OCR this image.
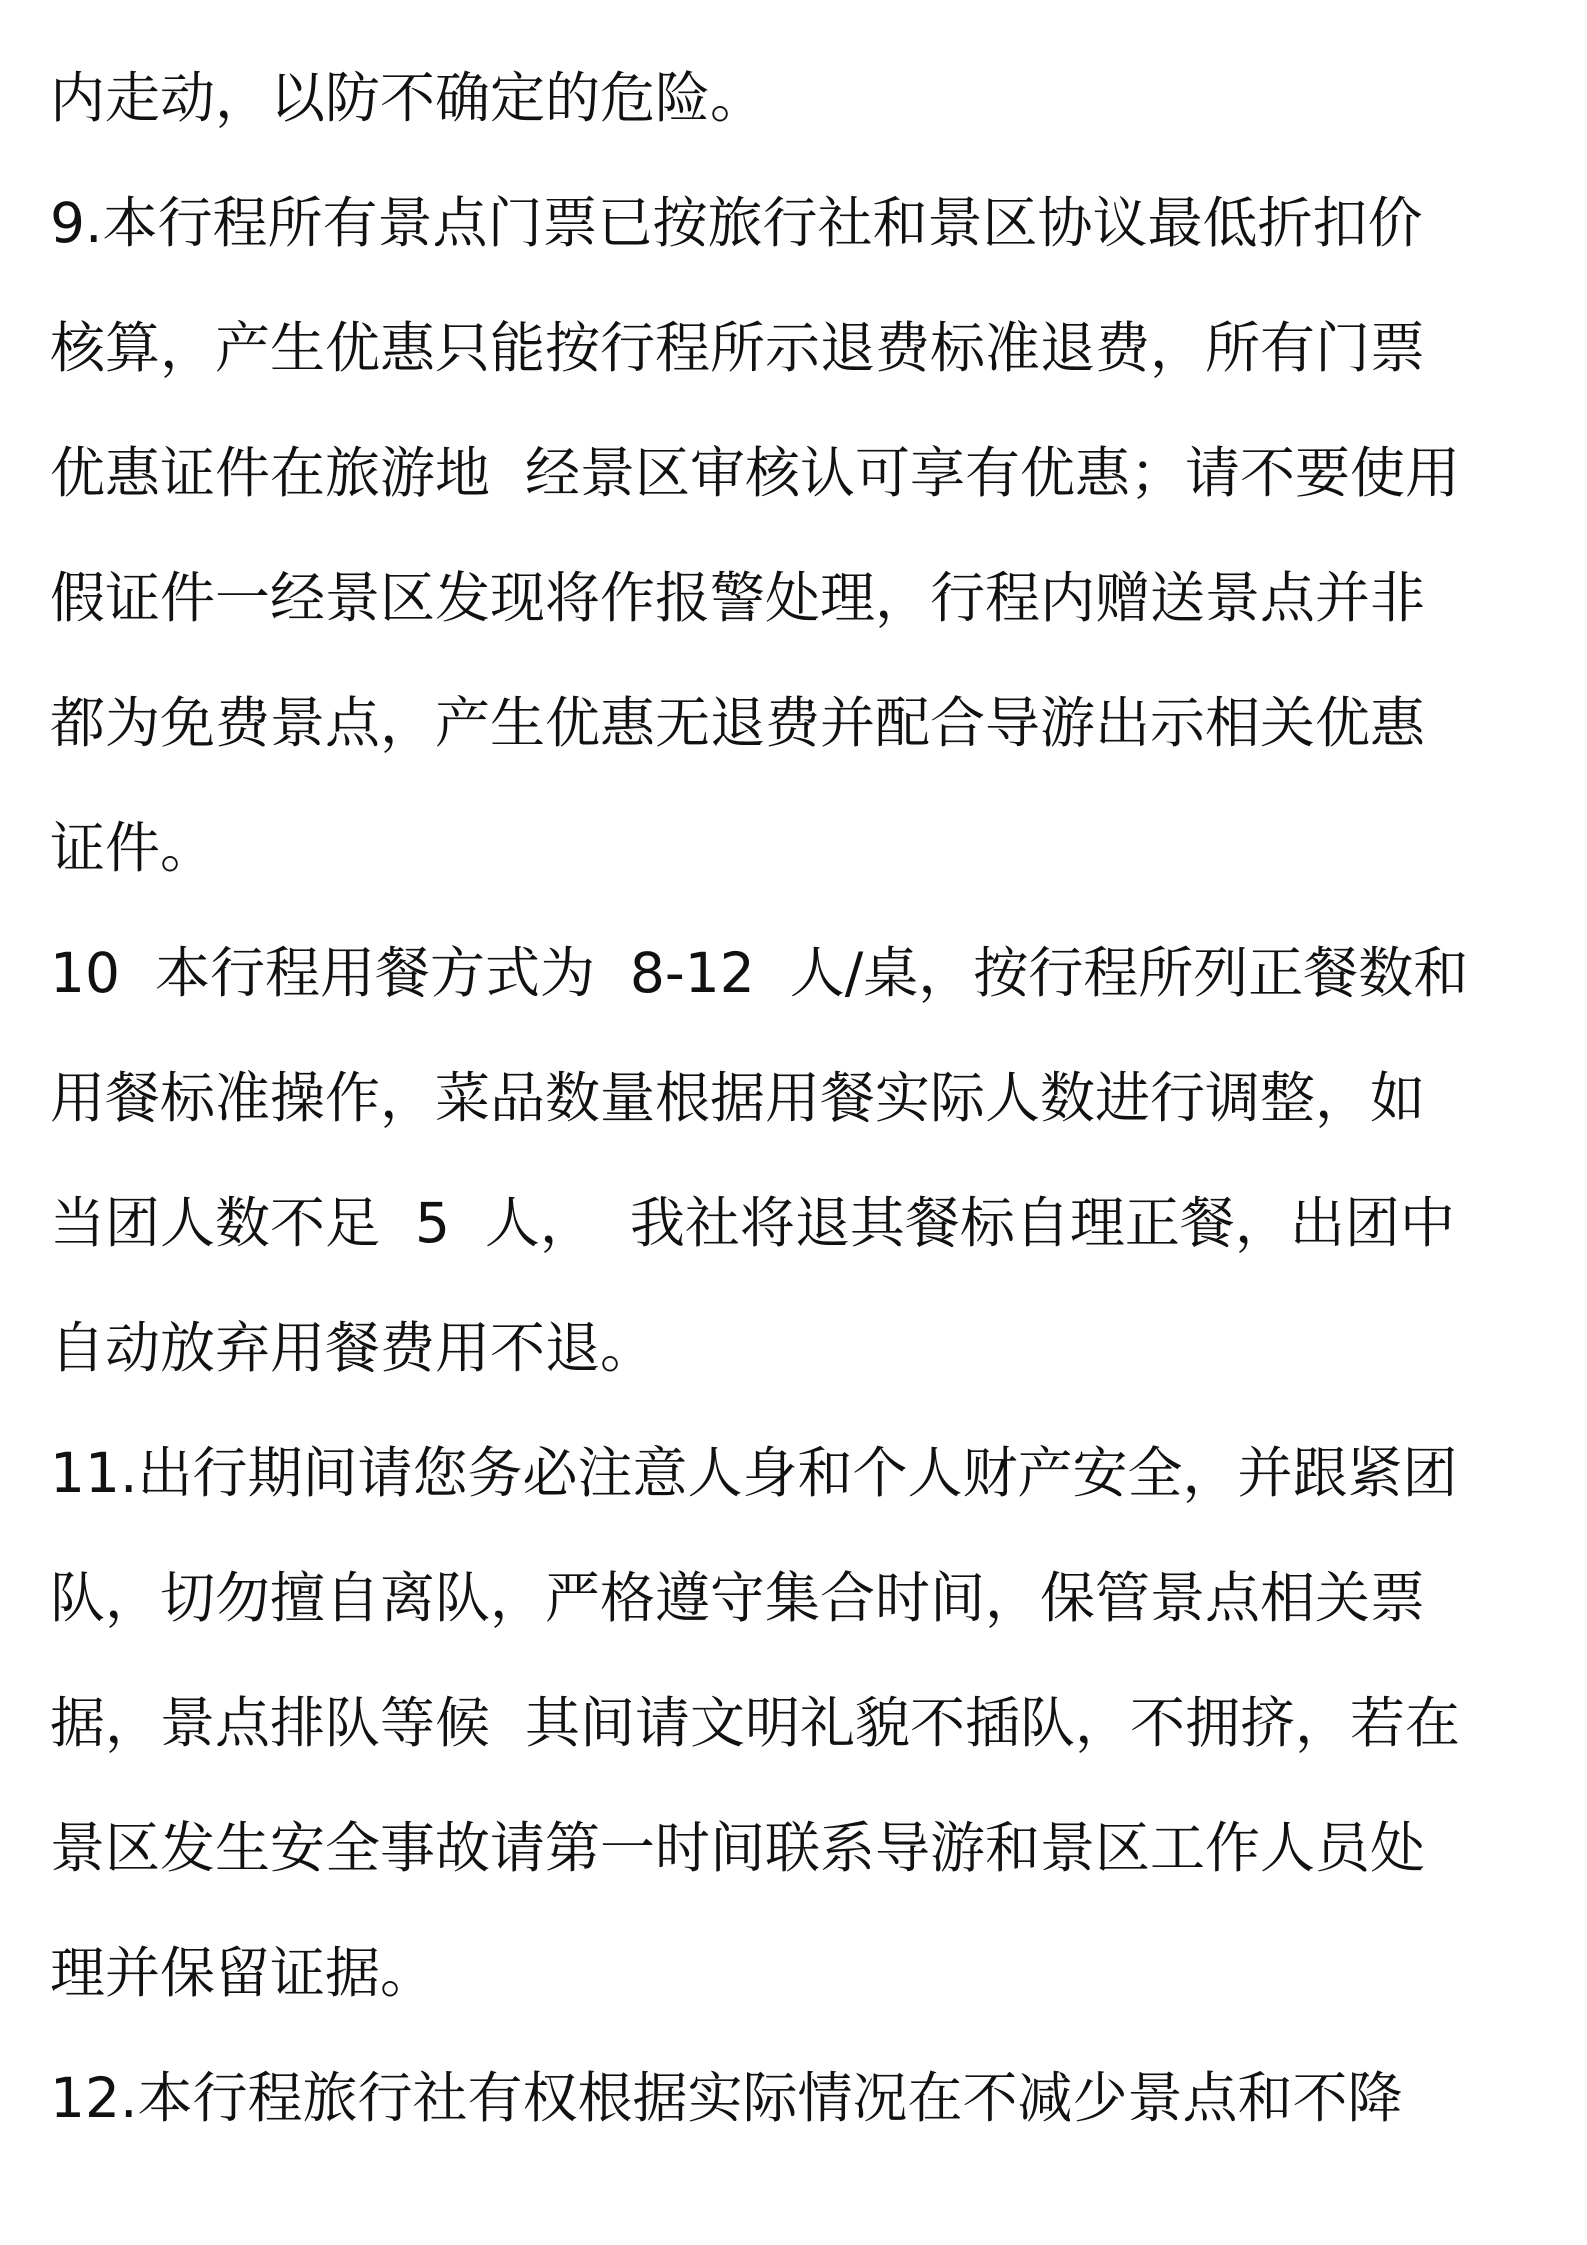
内走动，以防不确定的危险。
9.本行程所有景点门票已按旅行社和景区协议最低折扣价
核算，产生优惠只能按行程所示退费标准退费，所有门票
优惠证件在旅游地  经景区审核认可享有优惠；请不要使用
假证件一经景区发现将作报警处理，行程内赠送景点并非
都为免费景点，产生优惠无退费并配合导游出示相关优惠
证件。
10  本行程用餐方式为  8-12  人/桌，按行程所列正餐数和
用餐标准操作，菜品数量根据用餐实际人数进行调整，如
当团人数不足  5  人，  我社将退其餐标自理正餐，出团中
自动放弃用餐费用不退。
11.出行期间请您务必注意人身和个人财产安全，并跟紧团
队，切勿擅自离队，严格遵守集合时间，保管景点相关票
据，景点排队等候  其间请文明礼貌不插队，不拥挤，若在
景区发生安全事故请第一时间联系导游和景区工作人员处
理并保留证据。
12.本行程旅行社有权根据实际情况在不减少景点和不降
